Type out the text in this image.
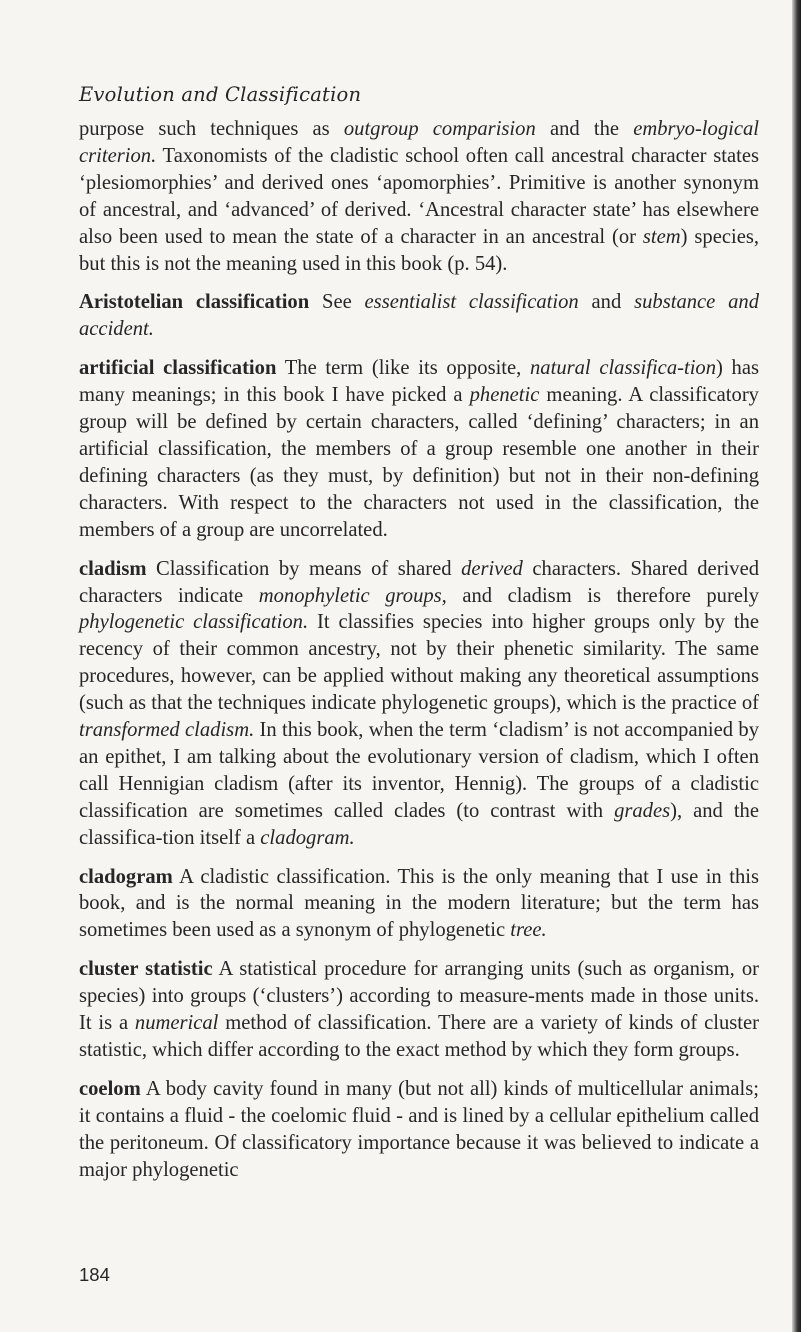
Evolution and Classification

purpose such techniques as outgroup comparision and the embryo-logical criterion. Taxonomists of the cladistic school often call ancestral character states ‘plesiomorphies’ and derived ones ‘apomorphies’. Primitive is another synonym of ancestral, and ‘advanced’ of derived. ‘Ancestral character state’ has elsewhere also been used to mean the state of a character in an ancestral (or stem) species, but this is not the meaning used in this book (p. 54).

Aristotelian classification See essentialist classification and substance and accident.

artificial classification The term (like its opposite, natural classifica-tion) has many meanings; in this book I have picked a phenetic meaning. A classificatory group will be defined by certain characters, called ‘defining’ characters; in an artificial classification, the members of a group resemble one another in their defining characters (as they must, by definition) but not in their non-defining characters. With respect to the characters not used in the classification, the members of a group are uncorrelated.

cladism Classification by means of shared derived characters. Shared derived characters indicate monophyletic groups, and cladism is therefore purely phylogenetic classification. It classifies species into higher groups only by the recency of their common ancestry, not by their phenetic similarity. The same procedures, however, can be applied without making any theoretical assumptions (such as that the techniques indicate phylogenetic groups), which is the practice of transformed cladism. In this book, when the term ‘cladism’ is not accompanied by an epithet, I am talking about the evolutionary version of cladism, which I often call Hennigian cladism (after its inventor, Hennig). The groups of a cladistic classification are sometimes called clades (to contrast with grades), and the classifica-tion itself a cladogram.

cladogram A cladistic classification. This is the only meaning that I use in this book, and is the normal meaning in the modern literature; but the term has sometimes been used as a synonym of phylogenetic tree.

cluster statistic A statistical procedure for arranging units (such as organism, or species) into groups (‘clusters’) according to measure-ments made in those units. It is a numerical method of classification. There are a variety of kinds of cluster statistic, which differ according to the exact method by which they form groups.

coelom A body cavity found in many (but not all) kinds of multicellular animals; it contains a fluid - the coelomic fluid - and is lined by a cellular epithelium called the peritoneum. Of classificatory importance because it was believed to indicate a major phylogenetic

184
